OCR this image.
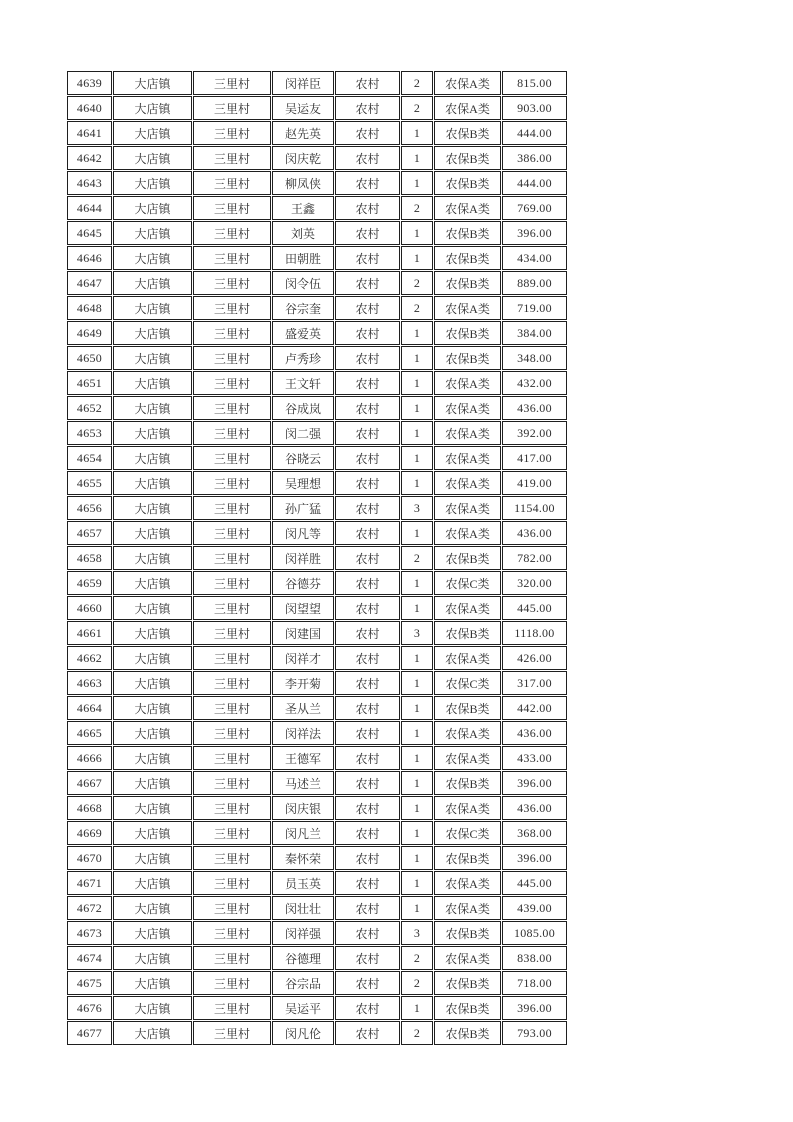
4639	大店镇	三里村	闵祥臣	农村	2	农保A类	815.00
4640	大店镇	三里村	吴运友	农村	2	农保A类	903.00
4641	大店镇	三里村	赵先英	农村	1	农保B类	444.00
4642	大店镇	三里村	闵庆乾	农村	1	农保B类	386.00
4643	大店镇	三里村	柳凤侠	农村	1	农保B类	444.00
4644	大店镇	三里村	王鑫	农村	2	农保A类	769.00
4645	大店镇	三里村	刘英	农村	1	农保B类	396.00
4646	大店镇	三里村	田朝胜	农村	1	农保B类	434.00
4647	大店镇	三里村	闵令伍	农村	2	农保B类	889.00
4648	大店镇	三里村	谷宗奎	农村	2	农保A类	719.00
4649	大店镇	三里村	盛爱英	农村	1	农保B类	384.00
4650	大店镇	三里村	卢秀珍	农村	1	农保B类	348.00
4651	大店镇	三里村	王文轩	农村	1	农保A类	432.00
4652	大店镇	三里村	谷成岚	农村	1	农保A类	436.00
4653	大店镇	三里村	闵二强	农村	1	农保A类	392.00
4654	大店镇	三里村	谷晓云	农村	1	农保A类	417.00
4655	大店镇	三里村	吴理想	农村	1	农保A类	419.00
4656	大店镇	三里村	孙广猛	农村	3	农保A类	1154.00
4657	大店镇	三里村	闵凡等	农村	1	农保A类	436.00
4658	大店镇	三里村	闵祥胜	农村	2	农保B类	782.00
4659	大店镇	三里村	谷德芬	农村	1	农保C类	320.00
4660	大店镇	三里村	闵望望	农村	1	农保A类	445.00
4661	大店镇	三里村	闵建国	农村	3	农保B类	1118.00
4662	大店镇	三里村	闵祥才	农村	1	农保A类	426.00
4663	大店镇	三里村	李开菊	农村	1	农保C类	317.00
4664	大店镇	三里村	圣从兰	农村	1	农保B类	442.00
4665	大店镇	三里村	闵祥法	农村	1	农保A类	436.00
4666	大店镇	三里村	王德军	农村	1	农保A类	433.00
4667	大店镇	三里村	马述兰	农村	1	农保B类	396.00
4668	大店镇	三里村	闵庆银	农村	1	农保A类	436.00
4669	大店镇	三里村	闵凡兰	农村	1	农保C类	368.00
4670	大店镇	三里村	秦怀荣	农村	1	农保B类	396.00
4671	大店镇	三里村	员玉英	农村	1	农保A类	445.00
4672	大店镇	三里村	闵壮壮	农村	1	农保A类	439.00
4673	大店镇	三里村	闵祥强	农村	3	农保B类	1085.00
4674	大店镇	三里村	谷德理	农村	2	农保A类	838.00
4675	大店镇	三里村	谷宗品	农村	2	农保B类	718.00
4676	大店镇	三里村	吴运平	农村	1	农保B类	396.00
4677	大店镇	三里村	闵凡伦	农村	2	农保B类	793.00
